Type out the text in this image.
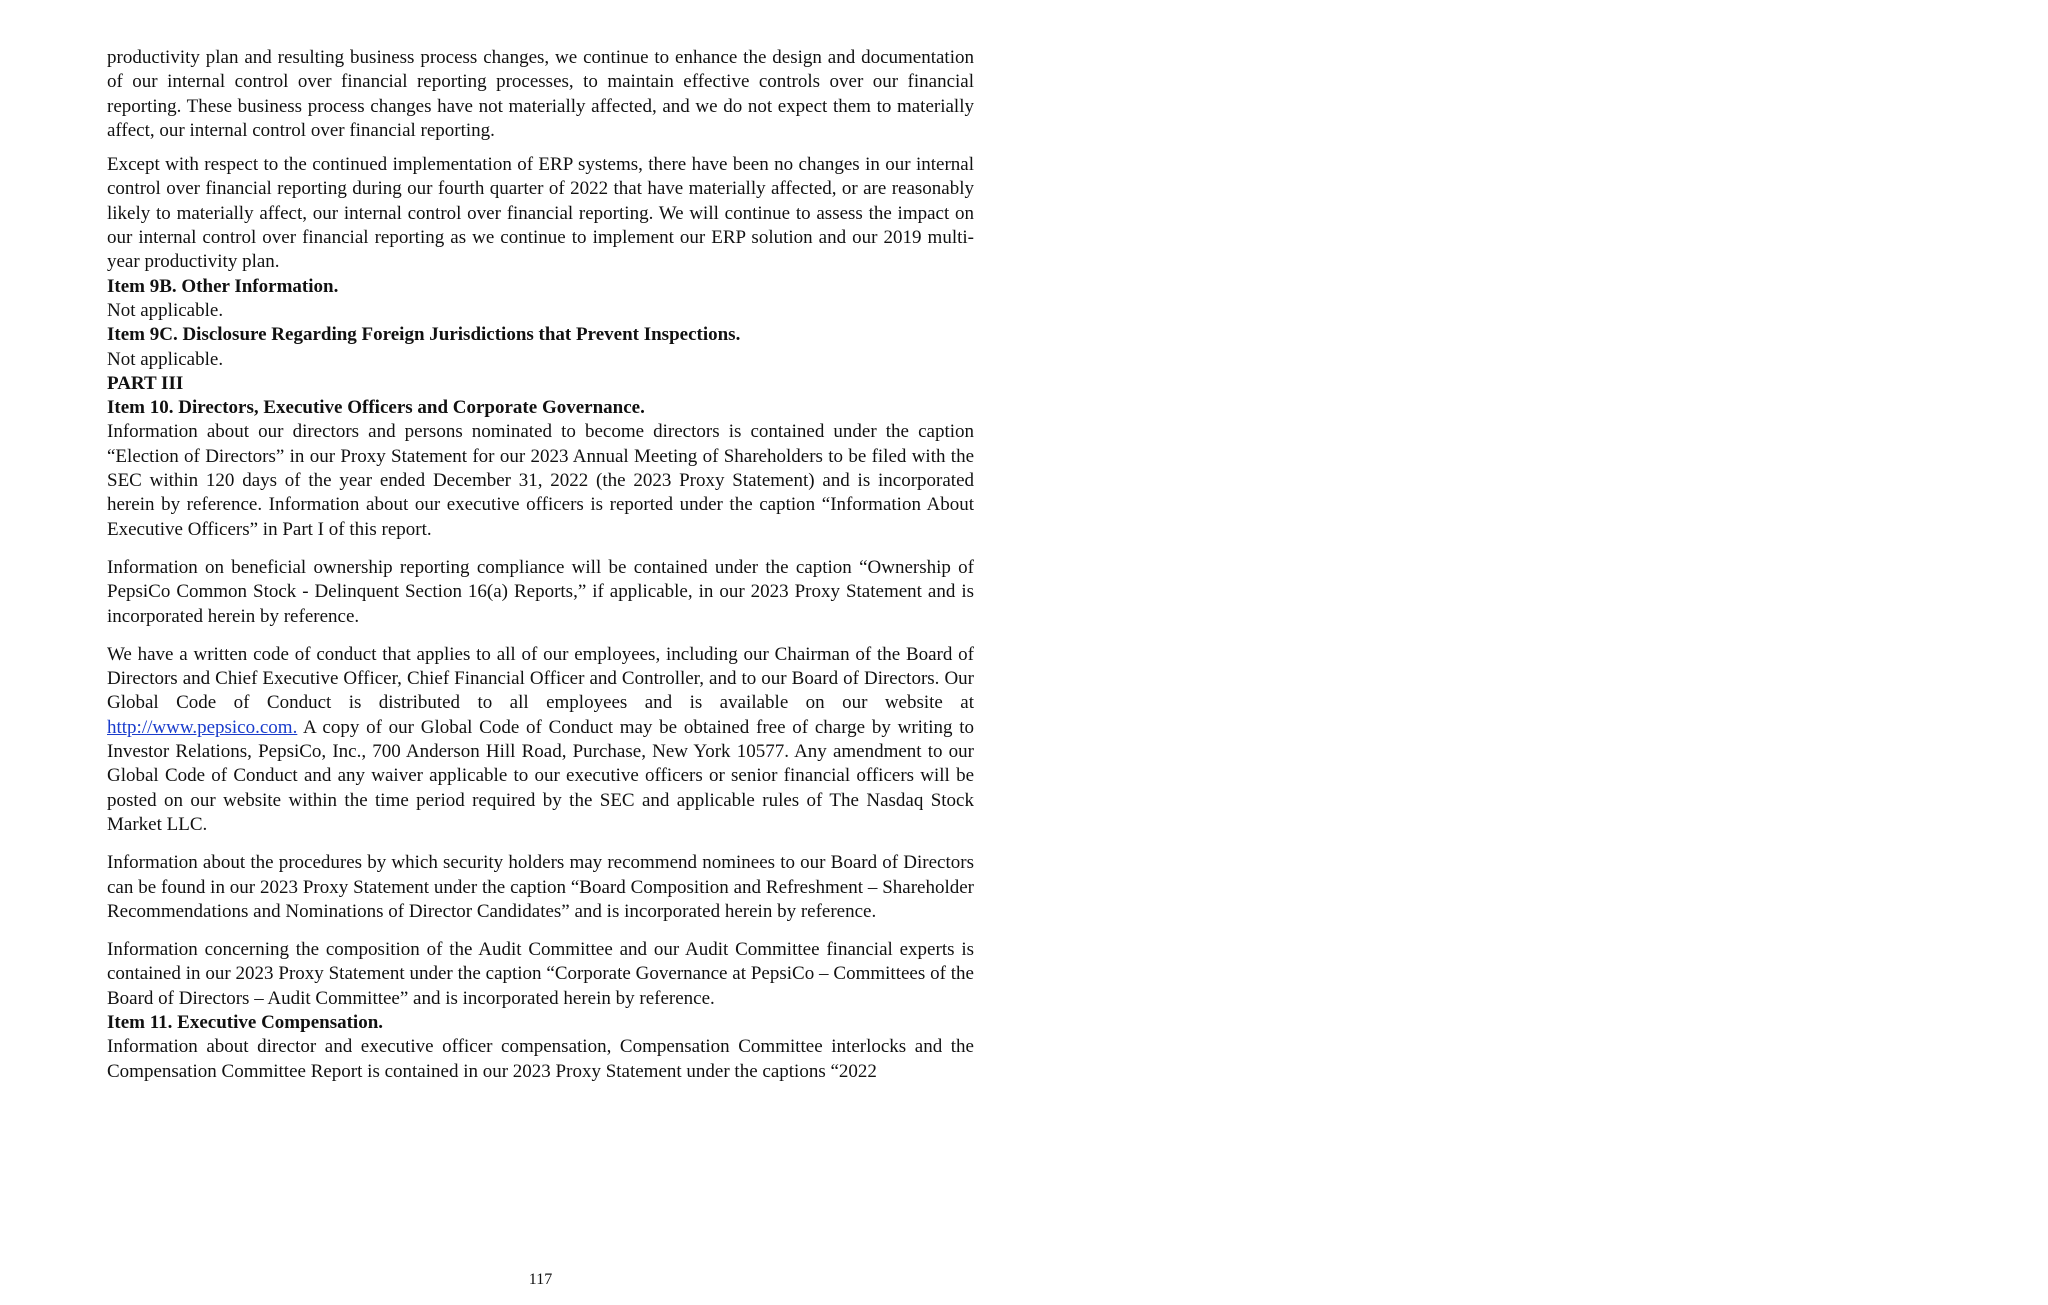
productivity plan and resulting business process changes, we continue to enhance the design and documentation of our internal control over financial reporting processes, to maintain effective controls over our financial reporting. These business process changes have not materially affected, and we do not expect them to materially affect, our internal control over financial reporting.

Except with respect to the continued implementation of ERP systems, there have been no changes in our internal control over financial reporting during our fourth quarter of 2022 that have materially affected, or are reasonably likely to materially affect, our internal control over financial reporting. We will continue to assess the impact on our internal control over financial reporting as we continue to implement our ERP solution and our 2019 multi-year productivity plan.

Item 9B. Other Information.

Not applicable.

Item 9C. Disclosure Regarding Foreign Jurisdictions that Prevent Inspections.

Not applicable.

PART III

Item 10. Directors, Executive Officers and Corporate Governance.

Information about our directors and persons nominated to become directors is contained under the caption “Election of Directors” in our Proxy Statement for our 2023 Annual Meeting of Shareholders to be filed with the SEC within 120 days of the year ended December 31, 2022 (the 2023 Proxy Statement) and is incorporated herein by reference. Information about our executive officers is reported under the caption “Information About Executive Officers” in Part I of this report.

Information on beneficial ownership reporting compliance will be contained under the caption “Ownership of PepsiCo Common Stock - Delinquent Section 16(a) Reports,” if applicable, in our 2023 Proxy Statement and is incorporated herein by reference.

We have a written code of conduct that applies to all of our employees, including our Chairman of the Board of Directors and Chief Executive Officer, Chief Financial Officer and Controller, and to our Board of Directors. Our Global Code of Conduct is distributed to all employees and is available on our website at http://www.pepsico.com. A copy of our Global Code of Conduct may be obtained free of charge by writing to Investor Relations, PepsiCo, Inc., 700 Anderson Hill Road, Purchase, New York 10577. Any amendment to our Global Code of Conduct and any waiver applicable to our executive officers or senior financial officers will be posted on our website within the time period required by the SEC and applicable rules of The Nasdaq Stock Market LLC.

Information about the procedures by which security holders may recommend nominees to our Board of Directors can be found in our 2023 Proxy Statement under the caption “Board Composition and Refreshment – Shareholder Recommendations and Nominations of Director Candidates” and is incorporated herein by reference.

Information concerning the composition of the Audit Committee and our Audit Committee financial experts is contained in our 2023 Proxy Statement under the caption “Corporate Governance at PepsiCo – Committees of the Board of Directors – Audit Committee” and is incorporated herein by reference.

Item 11. Executive Compensation.

Information about director and executive officer compensation, Compensation Committee interlocks and the Compensation Committee Report is contained in our 2023 Proxy Statement under the captions “2022

117
